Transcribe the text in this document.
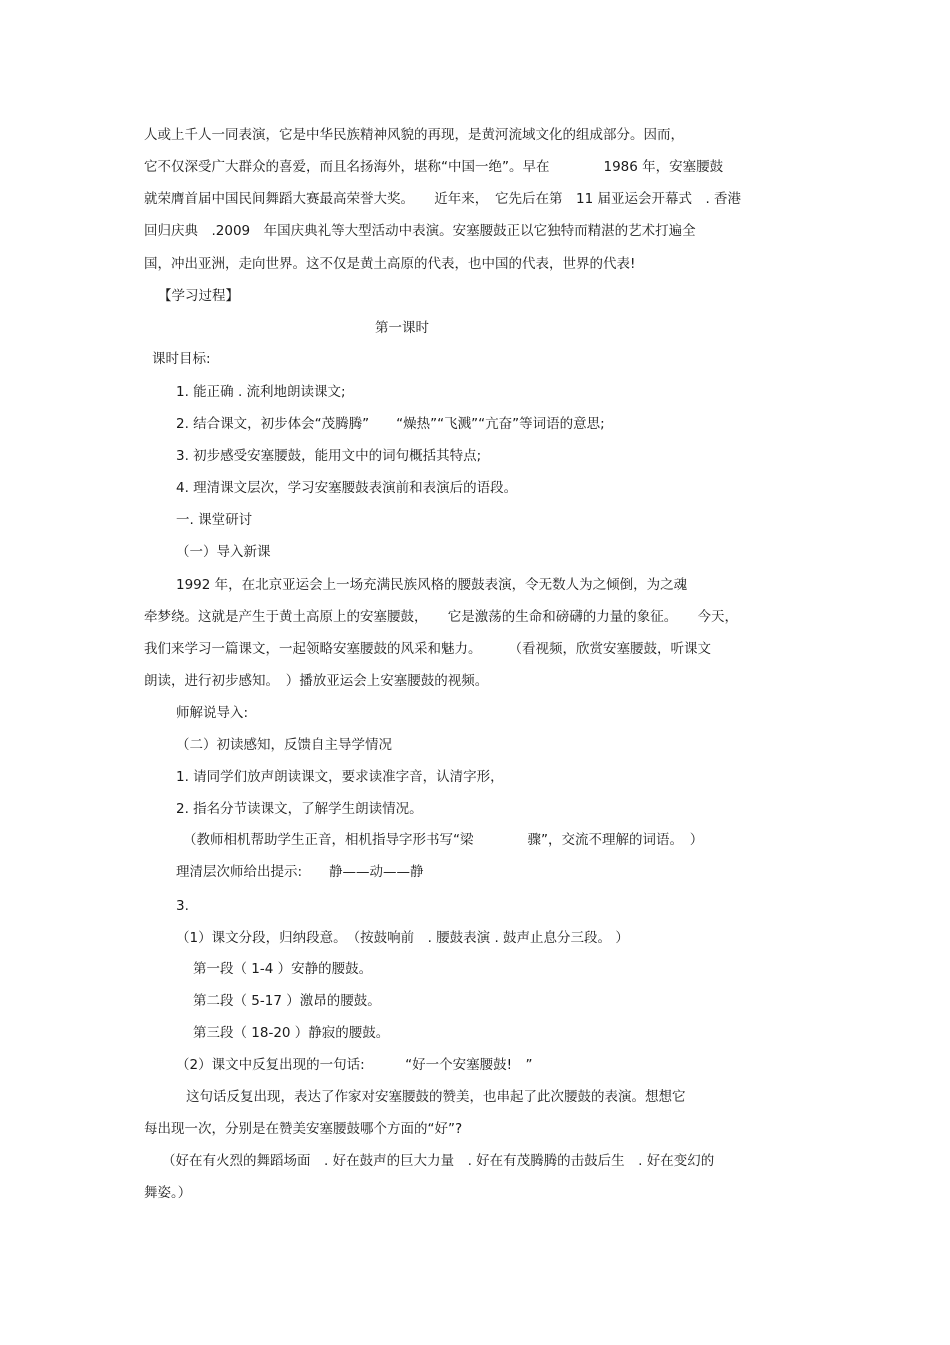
人或上千人一同表演，它是中华民族精神风貌的再现，是黄河流域文化的组成部分。因而，
它不仅深受广大群众的喜爱，而且名扬海外，堪称“中国一绝”。早在　　　　1986 年，安塞腰鼓
就荣膺首届中国民间舞蹈大赛最高荣誉大奖。　　近年来，　它先后在第　11 届亚运会开幕式　. 香港
回归庆典　.2009　年国庆典礼等大型活动中表演。安塞腰鼓正以它独特而精湛的艺术打遍全
国，冲出亚洲，走向世界。这不仅是黄土高原的代表，也中国的代表，世界的代表!
【学习过程】
第一课时
课时目标:
1. 能正确 . 流利地朗读课文;
2. 结合课文，初步体会“茂腾腾”　　“燥热”“飞溅”“亢奋”等词语的意思;
3. 初步感受安塞腰鼓，能用文中的词句概括其特点;
4. 理清课文层次，学习安塞腰鼓表演前和表演后的语段。
一. 课堂研讨
（一）导入新课
1992 年，在北京亚运会上一场充满民族风格的腰鼓表演，令无数人为之倾倒，为之魂
牵梦绕。这就是产生于黄土高原上的安塞腰鼓，　　它是激荡的生命和磅礴的力量的象征。　　今天，
我们来学习一篇课文，一起领略安塞腰鼓的风采和魅力。　　　（看视频，欣赏安塞腰鼓，听课文
朗读，进行初步感知。　）播放亚运会上安塞腰鼓的视频。
师解说导入:
（二）初读感知，反馈自主导学情况
1. 请同学们放声朗读课文，要求读准字音，认清字形，
2. 指名分节读课文，了解学生朗读情况。
（教师相机帮助学生正音，相机指导字形书写“梁　　　　骤”，交流不理解的词语。　）
理清层次师给出提示:　　静——动——静
3.
（1）课文分段，归纳段意。　（按鼓响前　. 腰鼓表演 . 鼓声止息分三段。 ）
第一段（ 1-4 ）安静的腰鼓。
第二段（ 5-17 ）激昂的腰鼓。
第三段（ 18-20 ）静寂的腰鼓。
（2）课文中反复出现的一句话:　　　“好一个安塞腰鼓!　”
这句话反复出现，表达了作家对安塞腰鼓的赞美，也串起了此次腰鼓的表演。想想它
每出现一次，分别是在赞美安塞腰鼓哪个方面的“好”?
（好在有火烈的舞蹈场面　. 好在鼓声的巨大力量　. 好在有茂腾腾的击鼓后生　. 好在变幻的
舞姿。）
